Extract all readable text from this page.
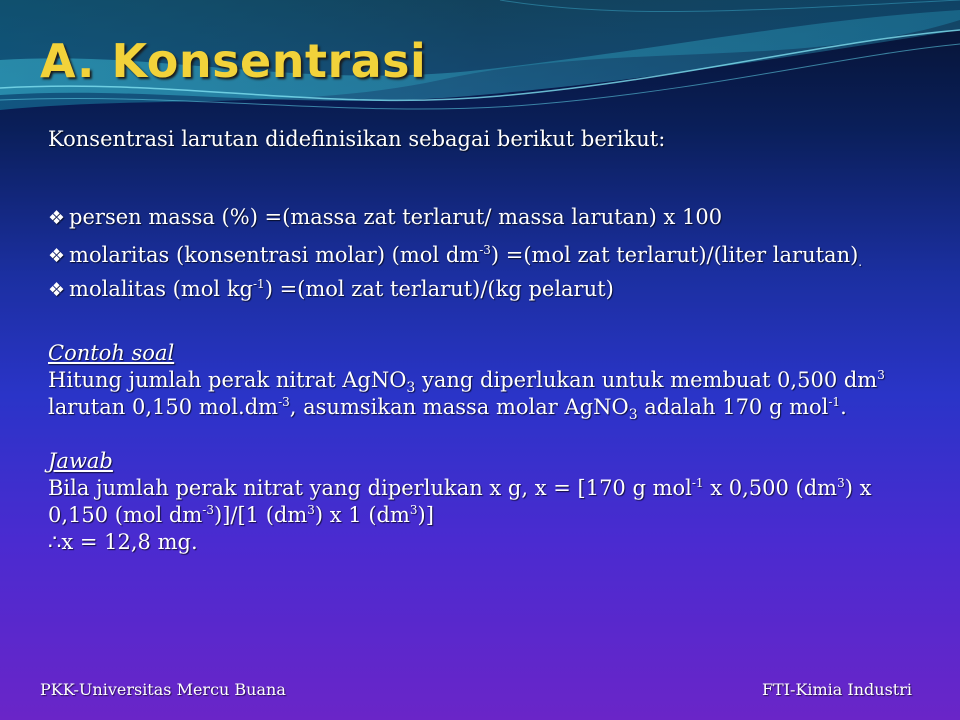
A. Konsentrasi
Konsentrasi larutan didefinisikan sebagai berikut berikut:
❖ persen massa (%) =(massa zat terlarut/ massa larutan) x 100
❖ molaritas (konsentrasi molar) (mol $dm^{-3}) =(mol$ zat terlarut)/(liter larutan).
❖ molalitas (mol $kg^{-1}) =(mol$ zat terlarut)/(kg pelarut)
Contoh soal
Hitung jumlah perak nitrat AgNO$_3$ yang diperlukan untuk membuat 0,500 $dm^3$
larutan 0,150 $mol.dm^{-3}$, asumsikan massa molar AgNO$_3$ adalah 170 g mol$^{-1}$.
Jawab
Bila jumlah perak nitrat yang diperlukan x g, x = [170 g mol$^{-1}$ x 0,500 $(dm^3)$ x
0,150 (mol $dm^{-3})]/[1$ $(dm^3)$ x 1 $(dm^3)$]
∴x = 12,8 mg.
PKK-Universitas Mercu Buana	FTI-Kimia Industri
